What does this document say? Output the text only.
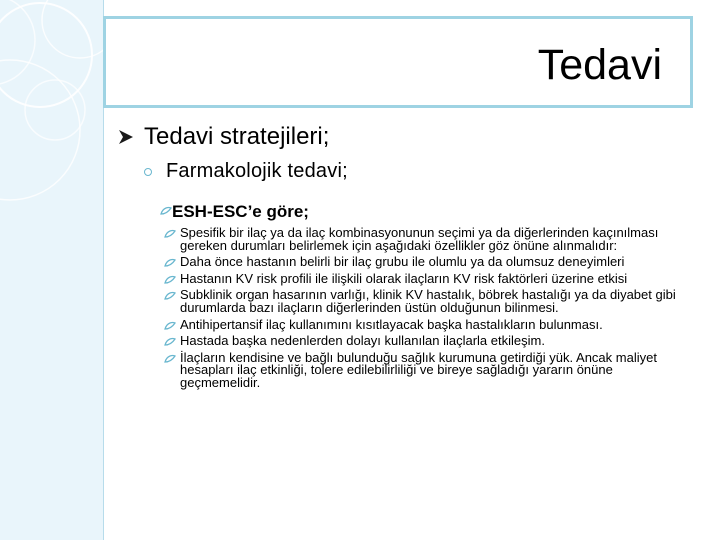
Tedavi
Tedavi stratejileri;
Farmakolojik tedavi;
ESH-ESC’e göre;
Spesifik bir ilaç ya da ilaç kombinasyonunun seçimi ya da diğerlerinden kaçınılması gereken durumları belirlemek için aşağıdaki özellikler göz önüne alınmalıdır:
Daha önce hastanın belirli bir ilaç grubu ile olumlu ya da olumsuz deneyimleri
Hastanın KV risk profili ile ilişkili olarak ilaçların KV risk faktörleri üzerine etkisi
Subklinik organ hasarının varlığı, klinik KV hastalık, böbrek hastalığı ya da diyabet gibi durumlarda bazı ilaçların diğerlerinden üstün olduğunun bilinmesi.
Antihipertansif ilaç kullanımını kısıtlayacak başka hastalıkların bulunması.
Hastada başka nedenlerden dolayı kullanılan ilaçlarla etkileşim.
İlaçların kendisine ve bağlı bulunduğu sağlık kurumuna getirdiği yük. Ancak maliyet hesapları ilaç etkinliği, tolere edilebilirliliği ve bireye sağladığı yararın önüne geçmemelidir.
